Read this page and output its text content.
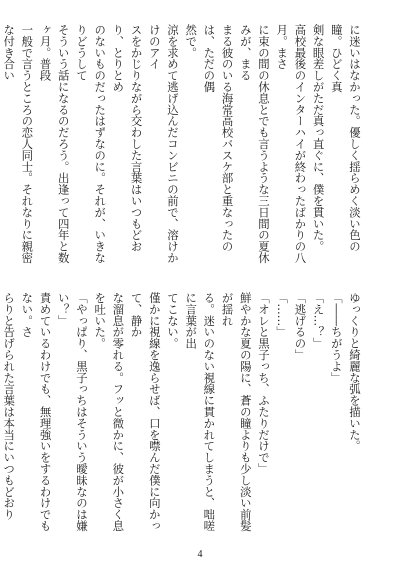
に迷いはなかった。優しく揺らめく淡い色の瞳。ひどく真
剣な眼差しがただ真っ直ぐに、僕を貫いた。
高校最後のインターハイが終わったばかりの八月。まさ
に束の間の休息とでも言うような三日間の夏休みが、まる
まる彼のいる海常高校バスケ部と重なったのは、ただの偶
然で。
涼を求めて逃げ込んだコンビニの前で、溶けかけのアイ
スをかじりながら交わした言葉はいつもどおり、とりとめ
のないものだったはずなのに。それが、いきなりどうして
そういう話になるのだろう。出逢って四年と数ヶ月。普段
一般で言うところの恋人同士。それなりに親密な付き合い
ゆっくりと綺麗な弧を描いた。
「――ちがうよ」
「え…？」
「逃げるの」
「……」
「オレと黒子っち、ふたりだけで」
鮮やかな夏の陽に、蒼の瞳よりも少し淡い前髪が揺れ
る。迷いのない視線に貫かれてしまうと、咄嗟に言葉が出
てこない。
僅かに視線を逸らせば、口を噤んだ僕に向かって、静か
な溜息が零れる。フッと微かに、彼が小さく息を吐いた。
「やっぱり、黒子っちはそういう曖昧なのは嫌い？」
責めているわけでも、無理強いをするわけでもない。さ
らりと告げられた言葉は本当にいつもどおり
4
